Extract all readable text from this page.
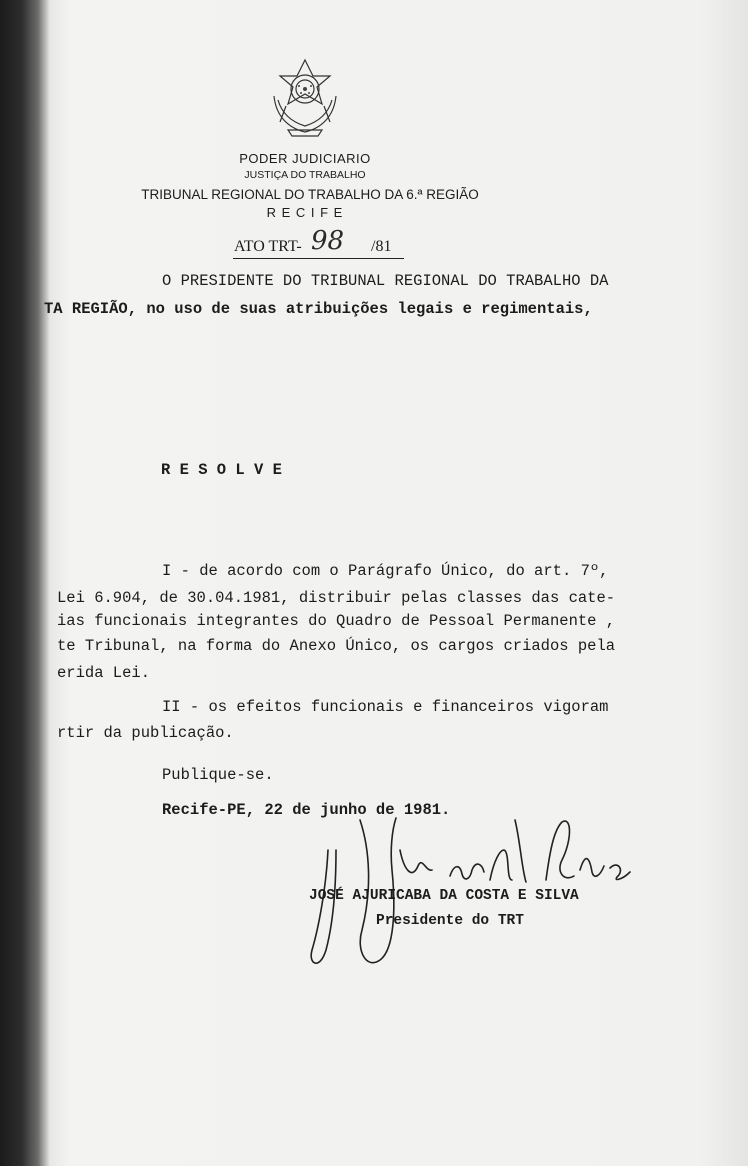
PODER JUDICIARIO
JUSTIÇA DO TRABALHO
TRIBUNAL REGIONAL DO TRABALHO DA 6.ª REGIÃO
R E C I F E
ATO TRT- 98 /81
O PRESIDENTE DO TRIBUNAL REGIONAL DO TRABALHO DA
TA REGIÃO, no uso de suas atribuições legais e regimentais,
R E S O L V E
I - de acordo com o Parágrafo Único, do art. 7º,
Lei 6.904, de 30.04.1981, distribuir pelas classes das cate-
ias funcionais integrantes do Quadro de Pessoal Permanente ,
te Tribunal, na forma do Anexo Único, os cargos criados pela
erida Lei.
II - os efeitos funcionais e financeiros vigoram
rtir da publicação.
Publique-se.
Recife-PE, 22 de junho de 1981.
JOSÉ AJURICABA DA COSTA E SILVA
Presidente do TRT
